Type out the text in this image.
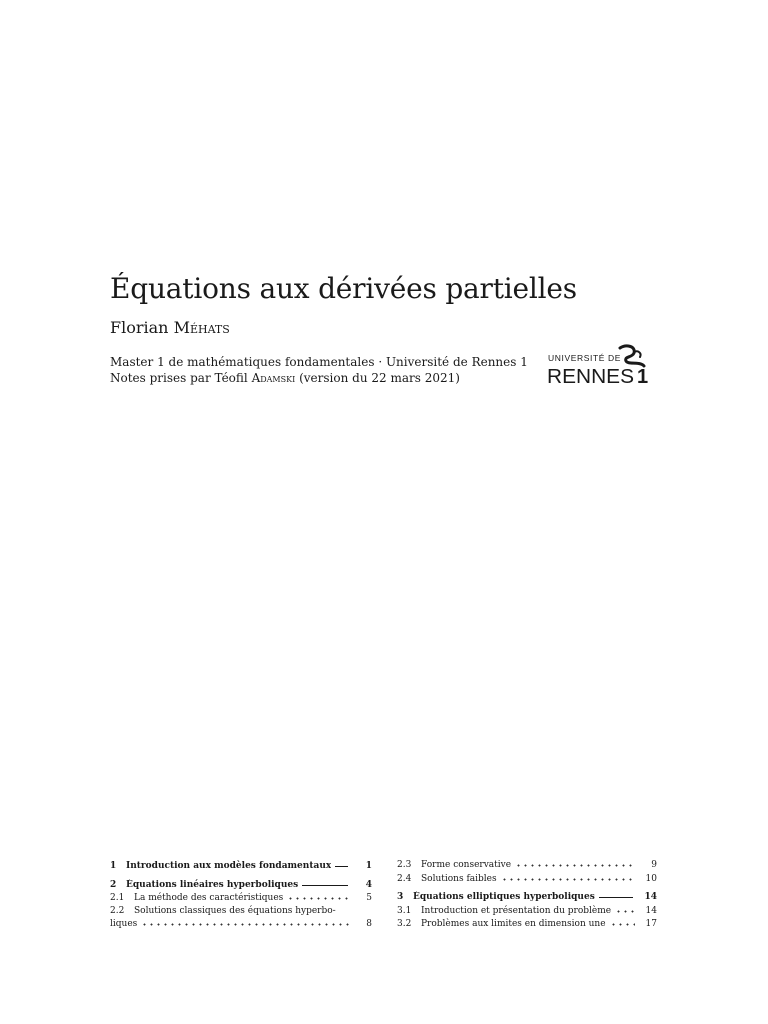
Équations aux dérivées partielles
Florian Méhats
Master 1 de mathématiques fondamentales · Université de Rennes 1
Notes prises par Téofil Adamski (version du 22 mars 2021)
UNIVERSITÉ DE
RENNES 1
1	Introduction aux modèles fondamentaux	1
2	Équations linéaires hyperboliques	4
2.1	La méthode des caractéristiques	5
2.2	Solutions classiques des équations hyperbo-
liques	8
2.3	Forme conservative	9
2.4	Solutions faibles	10
3	Équations elliptiques hyperboliques	14
3.1	Introduction et présentation du problème	14
3.2	Problèmes aux limites en dimension une	17
